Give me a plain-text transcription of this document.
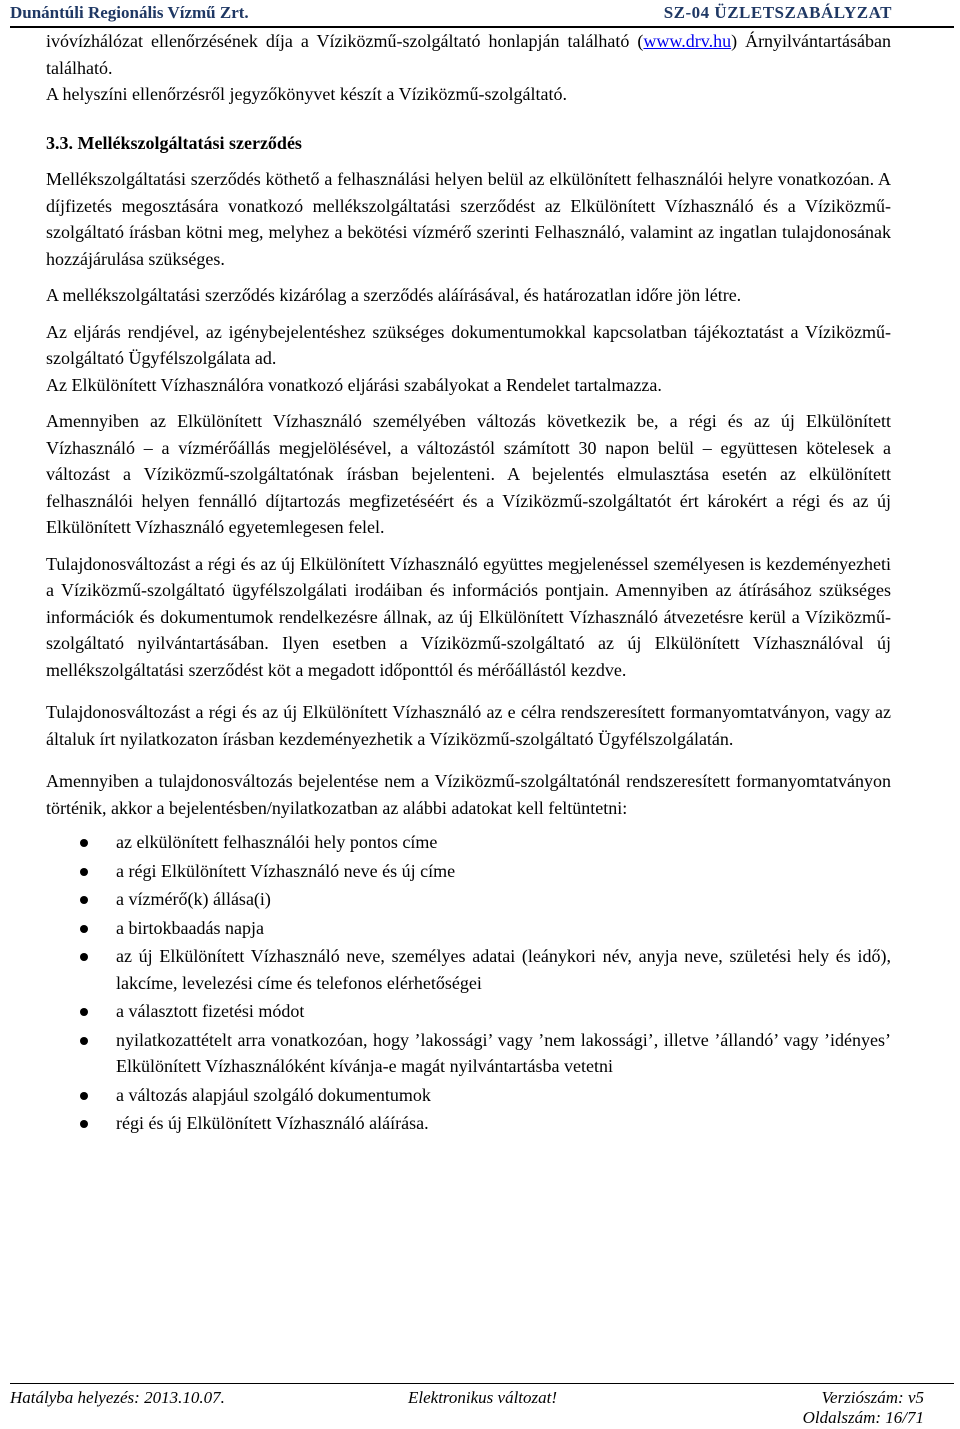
Dunántúli Regionális Vízmű Zrt.	SZ-04 ÜZLETSZABÁLYZAT

ivóvízhálózat ellenőrzésének díja a Víziközmű-szolgáltató honlapján található (www.drv.hu) Árnyilvántartásában található.

A helyszíni ellenőrzésről jegyzőkönyvet készít a Víziközmű-szolgáltató.

3.3. Mellékszolgáltatási szerződés

Mellékszolgáltatási szerződés köthető a felhasználási helyen belül az elkülönített felhasználói helyre vonatkozóan. A díjfizetés megosztására vonatkozó mellékszolgáltatási szerződést az Elkülönített Vízhasználó és a Víziközmű-szolgáltató írásban kötni meg, melyhez a bekötési vízmérő szerinti Felhasználó, valamint az ingatlan tulajdonosának hozzájárulása szükséges.

A mellékszolgáltatási szerződés kizárólag a szerződés aláírásával, és határozatlan időre jön létre.

Az eljárás rendjével, az igénybejelentéshez szükséges dokumentumokkal kapcsolatban tájékoztatást a Víziközmű-szolgáltató Ügyfélszolgálata ad.

Az Elkülönített Vízhasználóra vonatkozó eljárási szabályokat a Rendelet tartalmazza.

Amennyiben az Elkülönített Vízhasználó személyében változás következik be, a régi és az új Elkülönített Vízhasználó – a vízmérőállás megjelölésével, a változástól számított 30 napon belül – együttesen kötelesek a változást a Víziközmű-szolgáltatónak írásban bejelenteni. A bejelentés elmulasztása esetén az elkülönített felhasználói helyen fennálló díjtartozás megfizetéséért és a Víziközmű-szolgáltatót ért károkért a régi és az új Elkülönített Vízhasználó egyetemlegesen felel.

Tulajdonosváltozást a régi és az új Elkülönített Vízhasználó együttes megjelenéssel személyesen is kezdeményezheti a Víziközmű-szolgáltató ügyfélszolgálati irodáiban és információs pontjain. Amennyiben az átírásához szükséges információk és dokumentumok rendelkezésre állnak, az új Elkülönített Vízhasználó átvezetésre kerül a Víziközmű-szolgáltató nyilvántartásában. Ilyen esetben a Víziközmű-szolgáltató az új Elkülönített Vízhasználóval új mellékszolgáltatási szerződést köt a megadott időponttól és mérőállástól kezdve.

Tulajdonosváltozást a régi és az új Elkülönített Vízhasználó az e célra rendszeresített formanyomtatványon, vagy az általuk írt nyilatkozaton írásban kezdeményezhetik a Víziközmű-szolgáltató Ügyfélszolgálatán.

Amennyiben a tulajdonosváltozás bejelentése nem a Víziközmű-szolgáltatónál rendszeresített formanyomtatványon történik, akkor a bejelentésben/nyilatkozatban az alábbi adatokat kell feltüntetni:

az elkülönített felhasználói hely pontos címe
a régi Elkülönített Vízhasználó neve és új címe
a vízmérő(k) állása(i)
a birtokbaadás napja
az új Elkülönített Vízhasználó neve, személyes adatai (leánykori név, anyja neve, születési hely és idő), lakcíme, levelezési címe és telefonos elérhetőségei
a választott fizetési módot
nyilatkozattételt arra vonatkozóan, hogy ’lakossági’ vagy ’nem lakossági’, illetve ’állandó’ vagy ’idényes’ Elkülönített Vízhasználóként kívánja-e magát nyilvántartásba vetetni
a változás alapjául szolgáló dokumentumok
régi és új Elkülönített Vízhasználó aláírása.
Hatályba helyezés: 2013.10.07.	Elektronikus változat!	Verziószám: v5
Oldalszám: 16/71
